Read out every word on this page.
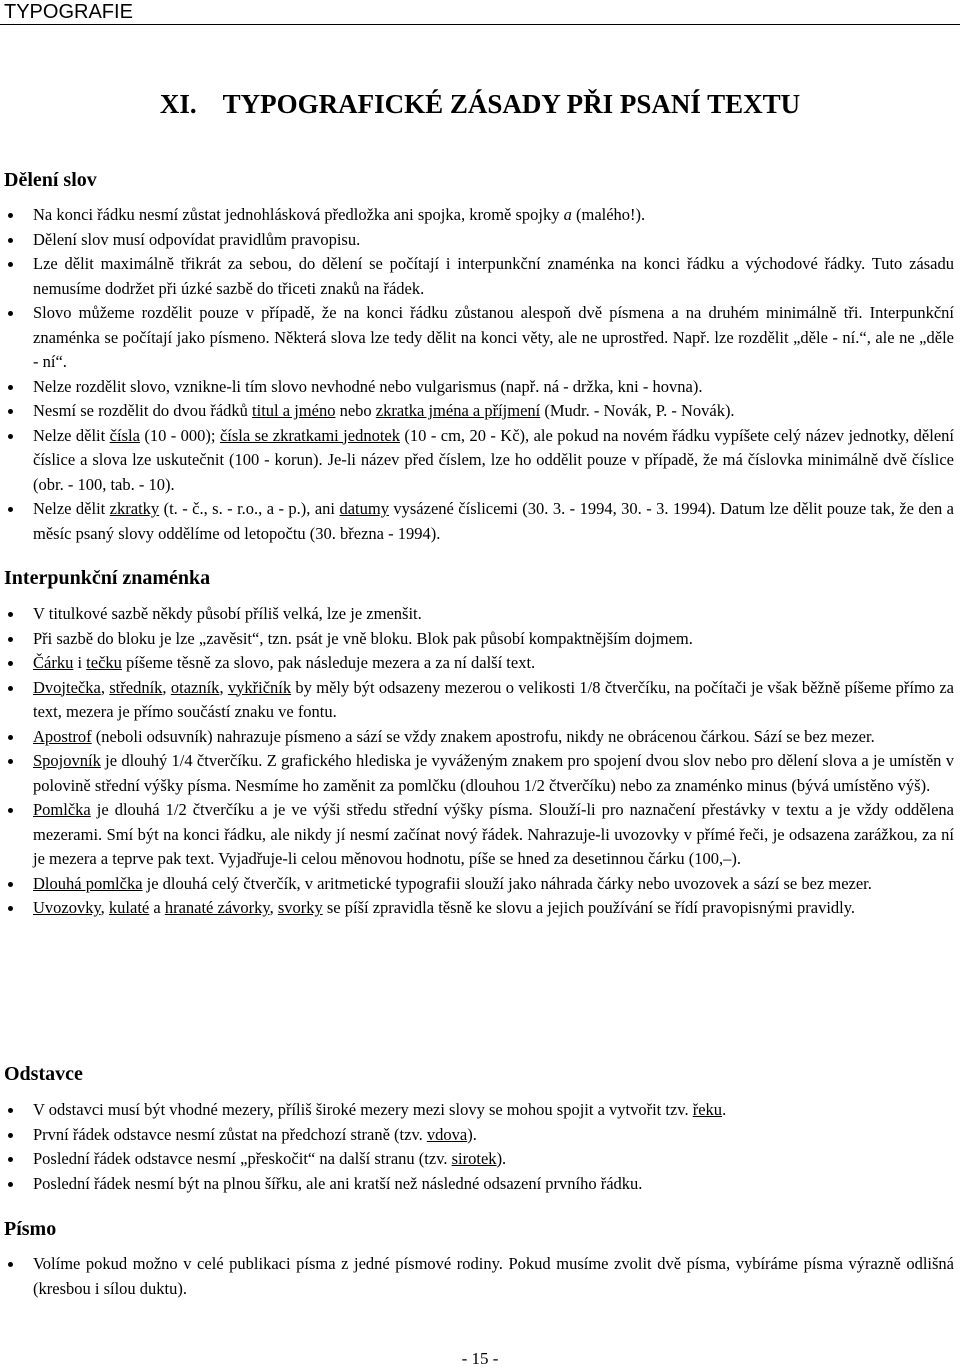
TYPOGRAFIE
XI. TYPOGRAFICKÉ ZÁSADY PŘI PSANÍ TEXTU
Dělení slov
Na konci řádku nesmí zůstat jednohlásková předložka ani spojka, kromě spojky a (malého!).
Dělení slov musí odpovídat pravidlům pravopisu.
Lze dělit maximálně třikrát za sebou, do dělení se počítají i interpunkční znaménka na konci řádku a východové řádky. Tuto zásadu nemusíme dodržet při úzké sazbě do třiceti znaků na řádek.
Slovo můžeme rozdělit pouze v případě, že na konci řádku zůstanou alespoň dvě písmena a na druhém minimálně tři. Interpunkční znaménka se počítají jako písmeno. Některá slova lze tedy dělit na konci věty, ale ne uprostřed. Např. lze rozdělit „děle - ní.“, ale ne „děle - ní“.
Nelze rozdělit slovo, vznikne-li tím slovo nevhodné nebo vulgarismus (např. ná - držka, kni - hovna).
Nesmí se rozdělit do dvou řádků titul a jméno nebo zkratka jména a příjmení (Mudr. - Novák, P. - Novák).
Nelze dělit čísla (10 - 000); čísla se zkratkami jednotek (10 - cm, 20 - Kč), ale pokud na novém řádku vypíšete celý název jednotky, dělení číslice a slova lze uskutečnit (100 - korun). Je-li název před číslem, lze ho oddělit pouze v případě, že má číslovka minimálně dvě číslice (obr. - 100, tab. - 10).
Nelze dělit zkratky (t. - č., s. - r.o., a - p.), ani datumy vysázené číslicemi (30. 3. - 1994, 30. - 3. 1994). Datum lze dělit pouze tak, že den a měsíc psaný slovy oddělíme od letopočtu (30. března - 1994).
Interpunkční znaménka
V titulkové sazbě někdy působí příliš velká, lze je zmenšit.
Při sazbě do bloku je lze „zavěsit“, tzn. psát je vně bloku. Blok pak působí kompaktnějším dojmem.
Čárku i tečku píšeme těsně za slovo, pak následuje mezera a za ní další text.
Dvojtečka, středník, otazník, vykřičník by měly být odsazeny mezerou o velikosti 1/8 čtverčíku, na počítači je však běžně píšeme přímo za text, mezera je přímo součástí znaku ve fontu.
Apostrof (neboli odsuvník) nahrazuje písmeno a sází se vždy znakem apostrofu, nikdy ne obrácenou čárkou. Sází se bez mezer.
Spojovník je dlouhý 1/4 čtverčíku. Z grafického hlediska je vyváženým znakem pro spojení dvou slov nebo pro dělení slova a je umístěn v polovině střední výšky písma. Nesmíme ho zaměnit za pomlčku (dlouhou 1/2 čtverčíku) nebo za znaménko minus (bývá umístěno výš).
Pomlčka je dlouhá 1/2 čtverčíku a je ve výši středu střední výšky písma. Slouží-li pro naznačení přestávky v textu a je vždy oddělena mezerami. Smí být na konci řádku, ale nikdy jí nesmí začínat nový řádek. Nahrazuje-li uvozovky v přímé řeči, je odsazena zarážkou, za ní je mezera a teprve pak text. Vyjadřuje-li celou měnovou hodnotu, píše se hned za desetinnou čárku (100,–).
Dlouhá pomlčka je dlouhá celý čtverčík, v aritmetické typografii slouží jako náhrada čárky nebo uvozovek a sází se bez mezer.
Uvozovky, kulaté a hranaté závorky, svorky se píší zpravidla těsně ke slovu a jejich používání se řídí pravopisnými pravidly.
Odstavce
V odstavci musí být vhodné mezery, příliš široké mezery mezi slovy se mohou spojit a vytvořit tzv. řeku.
První řádek odstavce nesmí zůstat na předchozí straně (tzv. vdova).
Poslední řádek odstavce nesmí „přeskočit“ na další stranu (tzv. sirotek).
Poslední řádek nesmí být na plnou šířku, ale ani kratší než následné odsazení prvního řádku.
Písmo
Volíme pokud možno v celé publikaci písma z jedné písmové rodiny. Pokud musíme zvolit dvě písma, vybíráme písma výrazně odlišná (kresbou i sílou duktu).
- 15 -
